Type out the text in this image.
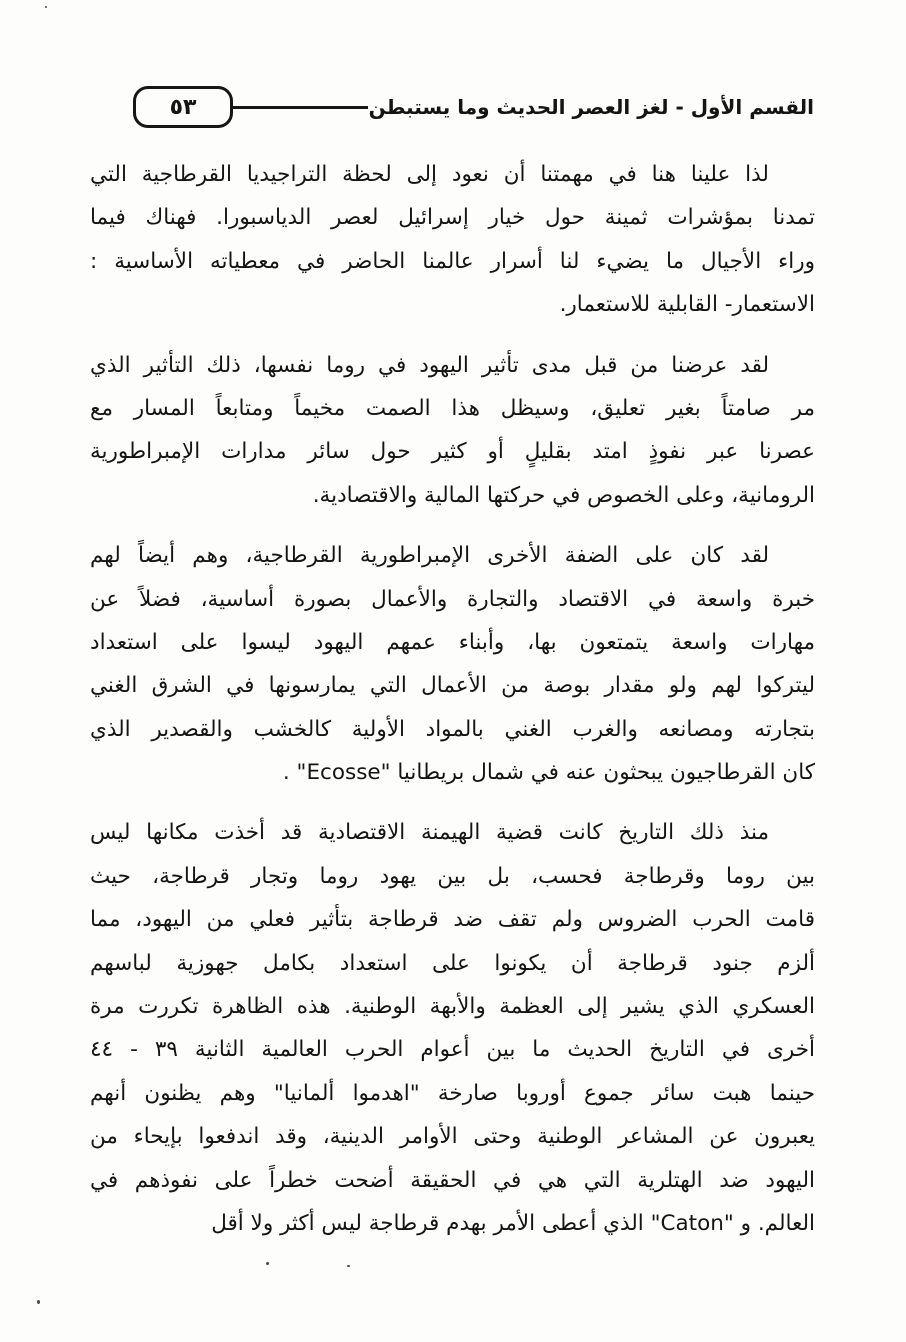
٥٣	القسم الأول - لغز العصر الحديث وما يستبطن
لذا علينا هنا في مهمتنا أن نعود إلى لحظة التراجيديا القرطاجية التي
تمدنا بمؤشرات ثمينة حول خيار إسرائيل لعصر الدياسبورا. فهناك فيما
وراء الأجيال ما يضيء لنا أسرار عالمنا الحاضر في معطياته الأساسية :
الاستعمار- القابلية للاستعمار.
لقد عرضنا من قبل مدى تأثير اليهود في روما نفسها، ذلك التأثير الذي
مر صامتاً بغير تعليق، وسيظل هذا الصمت مخيماً ومتابعاً المسار مع
عصرنا عبر نفوذٍ امتد بقليلٍ أو كثير حول سائر مدارات الإمبراطورية
الرومانية، وعلى الخصوص في حركتها المالية والاقتصادية.
لقد كان على الضفة الأخرى الإمبراطورية القرطاجية، وهم أيضاً لهم
خبرة واسعة في الاقتصاد والتجارة والأعمال بصورة أساسية، فضلاً عن
مهارات واسعة يتمتعون بها، وأبناء عمهم اليهود ليسوا على استعداد
ليتركوا لهم ولو مقدار بوصة من الأعمال التي يمارسونها في الشرق الغني
بتجارته ومصانعه والغرب الغني بالمواد الأولية كالخشب والقصدير الذي
كان القرطاجيون يبحثون عنه في شمال بريطانيا "Ecosse" .
منذ ذلك التاريخ كانت قضية الهيمنة الاقتصادية قد أخذت مكانها ليس
بين روما وقرطاجة فحسب، بل بين يهود روما وتجار قرطاجة، حيث
قامت الحرب الضروس ولم تقف ضد قرطاجة بتأثير فعلي من اليهود، مما
ألزم جنود قرطاجة أن يكونوا على استعداد بكامل جهوزية لباسهم
العسكري الذي يشير إلى العظمة والأبهة الوطنية. هذه الظاهرة تكررت مرة
أخرى في التاريخ الحديث ما بين أعوام الحرب العالمية الثانية ٣٩ - ٤٤
حينما هبت سائر جموع أوروبا صارخة "اهدموا ألمانيا" وهم يظنون أنهم
يعبرون عن المشاعر الوطنية وحتى الأوامر الدينية، وقد اندفعوا بإيحاء من
اليهود ضد الهتلرية التي هي في الحقيقة أضحت خطراً على نفوذهم في
العالم. و "Caton" الذي أعطى الأمر بهدم قرطاجة ليس أكثر ولا أقل
